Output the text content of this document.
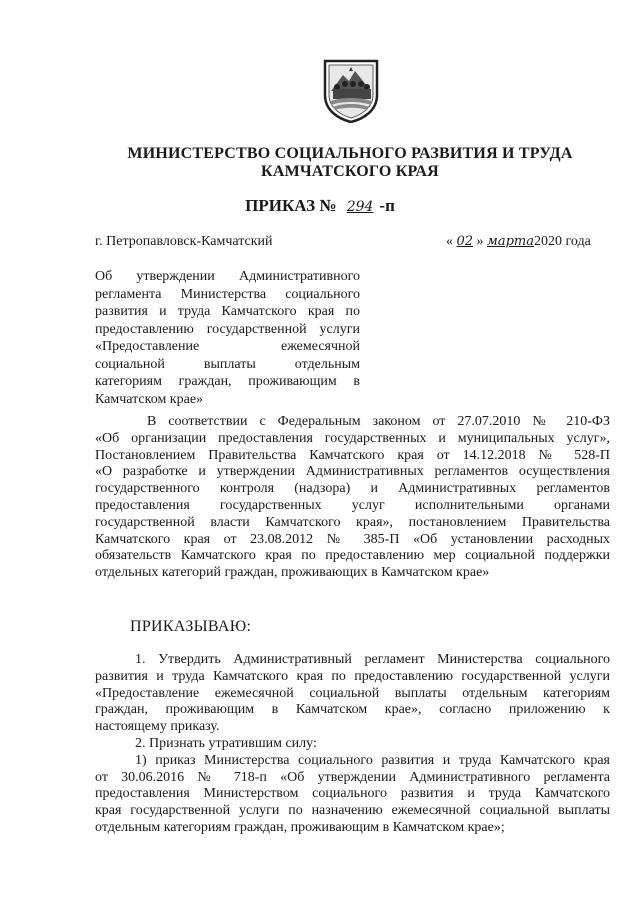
МИНИСТЕРСТВО СОЦИАЛЬНОГО РАЗВИТИЯ И ТРУДА
КАМЧАТСКОГО КРАЯ
ПРИКАЗ № 294 -п
г. Петропавловск-Камчатский	« 02 » марта2020 года
Об утверждении Административного
регламента Министерства социального
развития и труда Камчатского края по
предоставлению государственной услуги
«Предоставление ежемесячной
социальной выплаты отдельным
категориям граждан, проживающим в
Камчатском крае»
В соответствии с Федеральным законом от 27.07.2010 № 210-ФЗ
«Об организации предоставления государственных и муниципальных услуг»,
Постановлением Правительства Камчатского края от 14.12.2018 № 528-П
«О разработке и утверждении Административных регламентов осуществления
государственного контроля (надзора) и Административных регламентов
предоставления государственных услуг исполнительными органами
государственной власти Камчатского края», постановлением Правительства
Камчатского края от 23.08.2012 № 385-П «Об установлении расходных
обязательств Камчатского края по предоставлению мер социальной поддержки
отдельных категорий граждан, проживающих в Камчатском крае»
ПРИКАЗЫВАЮ:
1. Утвердить Административный регламент Министерства социального
развития и труда Камчатского края по предоставлению государственной услуги
«Предоставление ежемесячной социальной выплаты отдельным категориям
граждан, проживающим в Камчатском крае», согласно приложению к
настоящему приказу.
2. Признать утратившим силу:
1) приказ Министерства социального развития и труда Камчатского края
от 30.06.2016 № 718-п «Об утверждении Административного регламента
предоставления Министерством социального развития и труда Камчатского
края государственной услуги по назначению ежемесячной социальной выплаты
отдельным категориям граждан, проживающим в Камчатском крае»;
